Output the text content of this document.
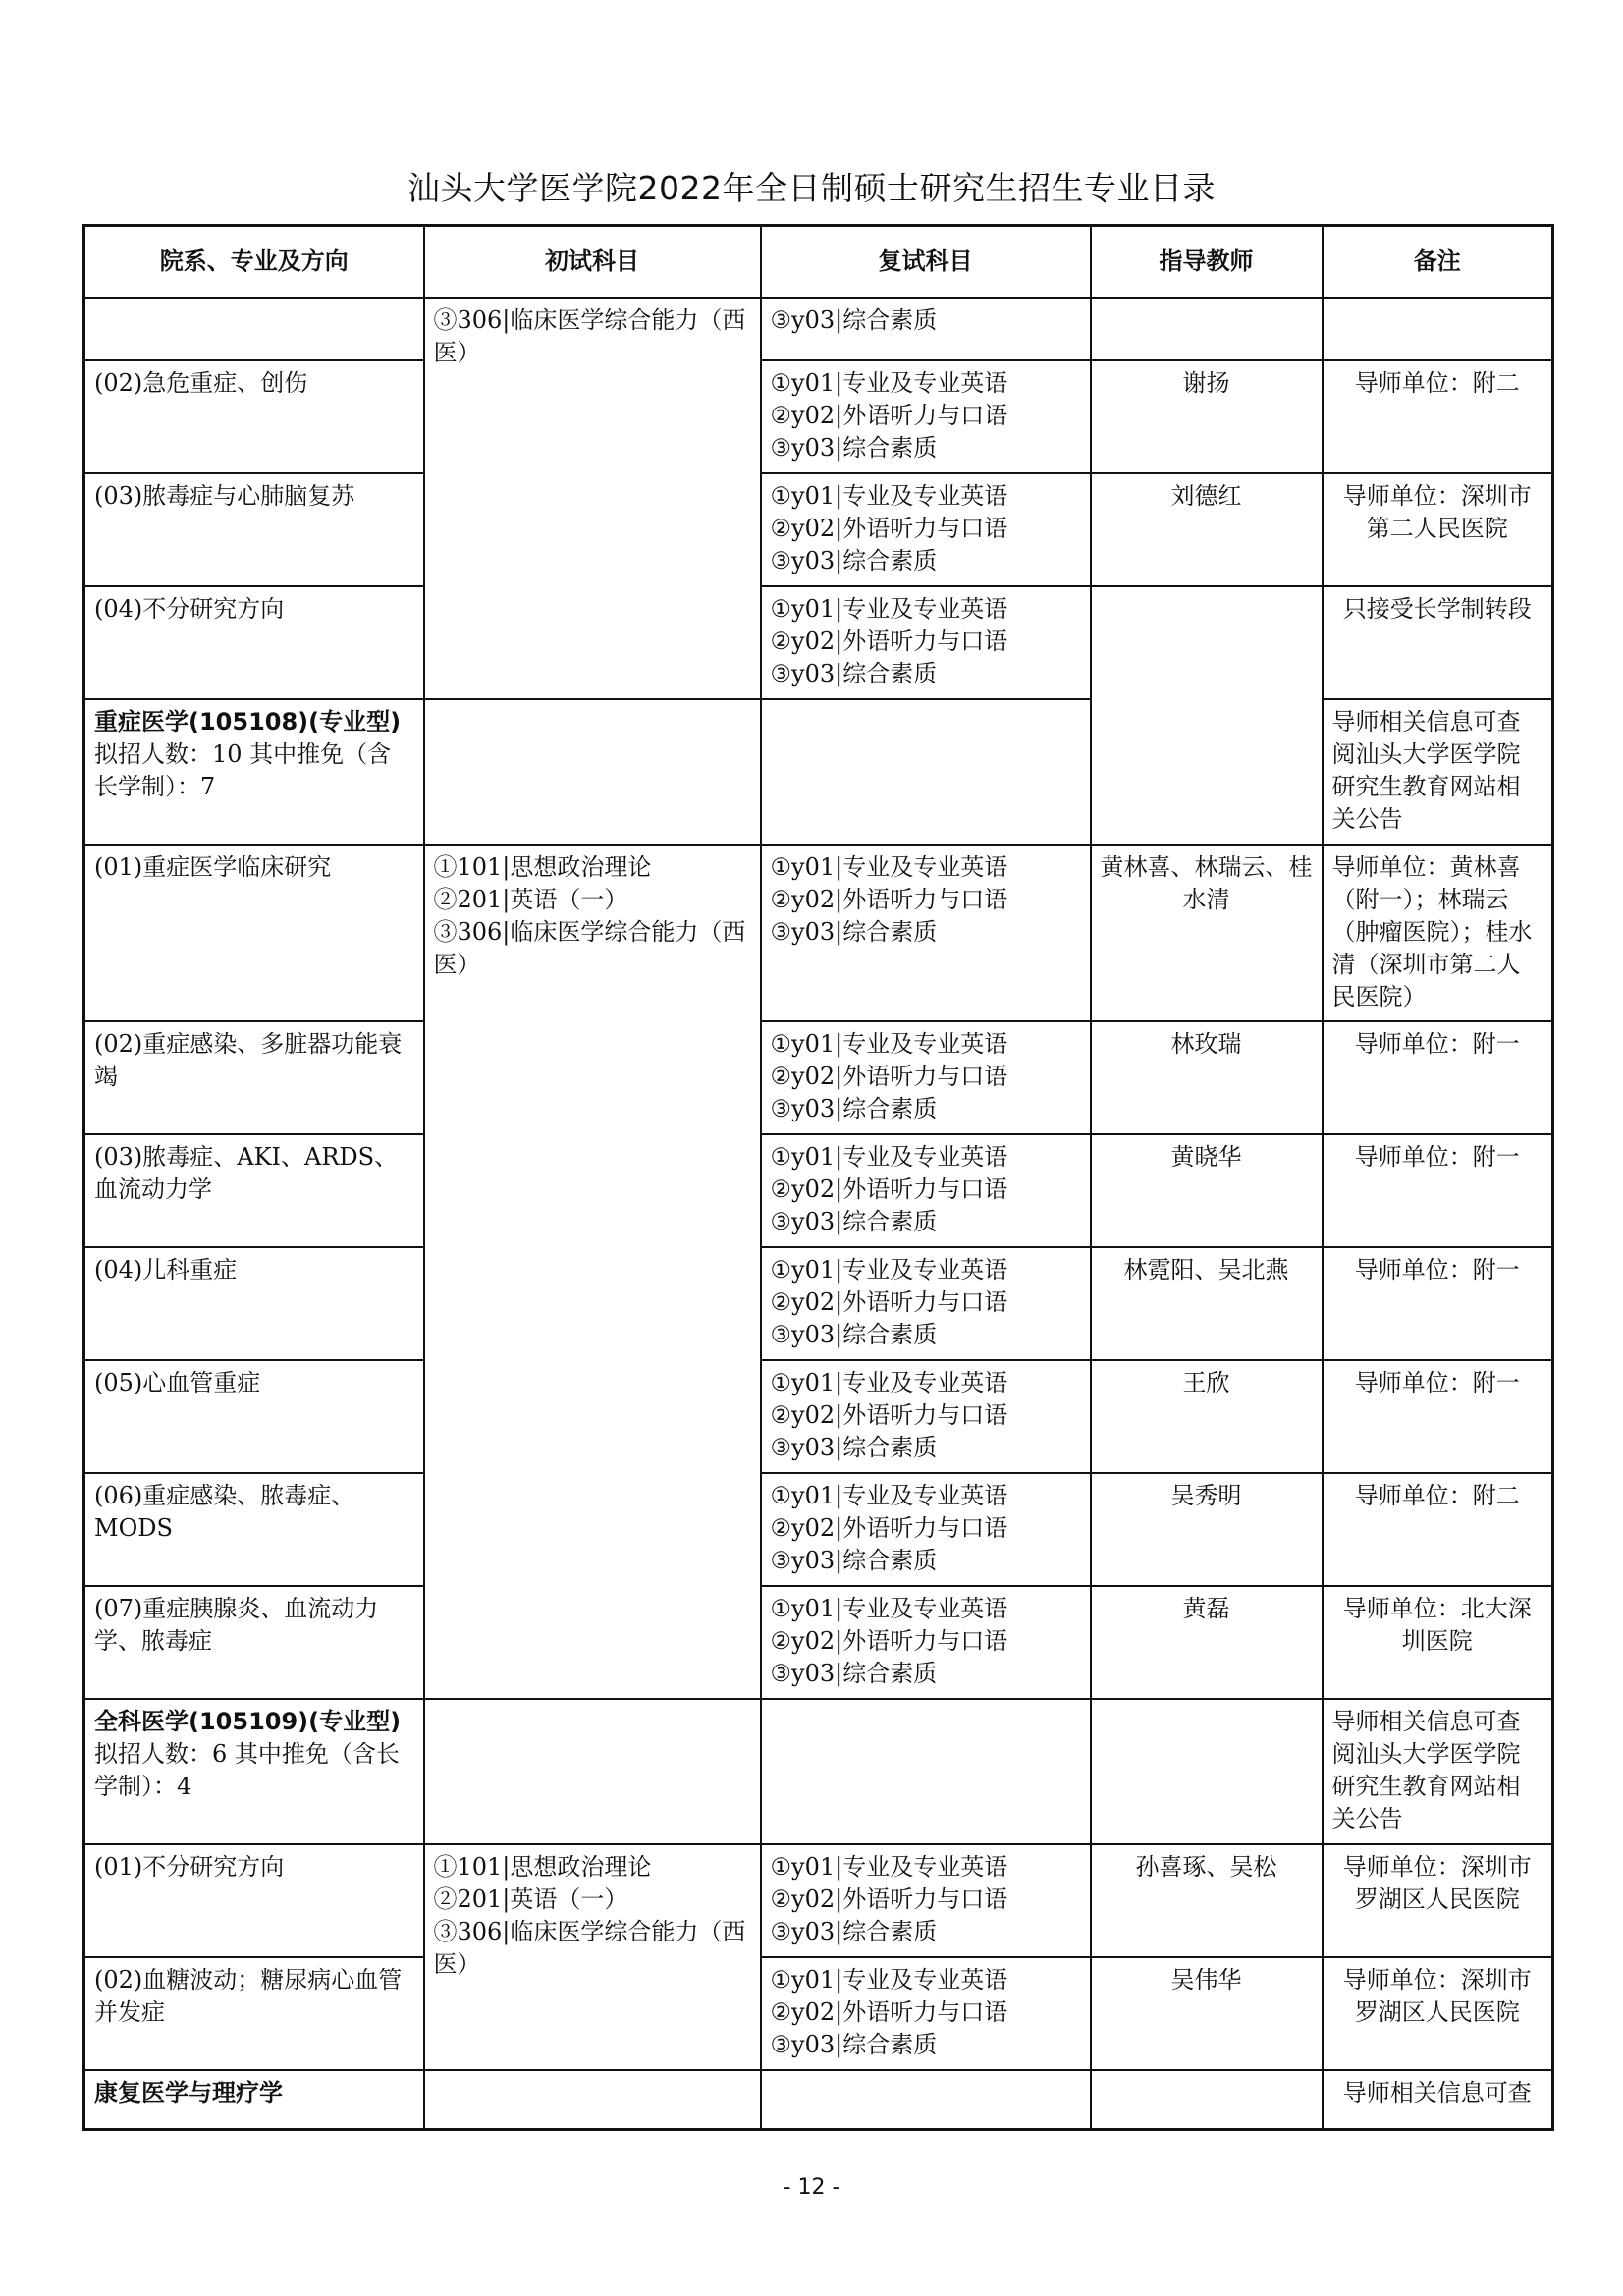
汕头大学医学院2022年全日制硕士研究生招生专业目录
院系、专业及方向	初试科目	复试科目	指导教师	备注

	③306|临床医学综合能力（西医）	③y03|综合素质		

(02)急危重症、创伤		①y01|专业及专业英语
②y02|外语听力与口语
③y03|综合素质	谢扬	导师单位：附二
(03)脓毒症与心肺脑复苏		①y01|专业及专业英语
②y02|外语听力与口语
③y03|综合素质	刘德红	导师单位：深圳市第二人民医院
(04)不分研究方向		①y01|专业及专业英语
②y02|外语听力与口语
③y03|综合素质		只接受长学制转段

重症医学(105108)(专业型)
拟招人数：10 其中推免（含长学制）：7				导师相关信息可查阅汕头大学医学院研究生教育网站相关公告
(01)重症医学临床研究	①101|思想政治理论
②201|英语（一）
③306|临床医学综合能力（西医）	①y01|专业及专业英语
②y02|外语听力与口语
③y03|综合素质	黄林喜、林瑞云、桂水清	导师单位：黄林喜（附一）；林瑞云（肿瘤医院）；桂水清（深圳市第二人民医院）
(02)重症感染、多脏器功能衰竭		①y01|专业及专业英语
②y02|外语听力与口语
③y03|综合素质	林玫瑞	导师单位：附一
(03)脓毒症、AKI、ARDS、血流动力学		①y01|专业及专业英语
②y02|外语听力与口语
③y03|综合素质	黄晓华	导师单位：附一
(04)儿科重症		①y01|专业及专业英语
②y02|外语听力与口语
③y03|综合素质	林霓阳、吴北燕	导师单位：附一
(05)心血管重症		①y01|专业及专业英语
②y02|外语听力与口语
③y03|综合素质	王欣	导师单位：附一
(06)重症感染、脓毒症、MODS		①y01|专业及专业英语
②y02|外语听力与口语
③y03|综合素质	吴秀明	导师单位：附二
(07)重症胰腺炎、血流动力学、脓毒症		①y01|专业及专业英语
②y02|外语听力与口语
③y03|综合素质	黄磊	导师单位：北大深圳医院

全科医学(105109)(专业型)
拟招人数：6 其中推免（含长学制）：4				导师相关信息可查阅汕头大学医学院研究生教育网站相关公告
(01)不分研究方向	①101|思想政治理论
②201|英语（一）
③306|临床医学综合能力（西医）	①y01|专业及专业英语
②y02|外语听力与口语
③y03|综合素质	孙喜琢、吴松	导师单位：深圳市罗湖区人民医院
(02)血糖波动；糖尿病心血管并发症		①y01|专业及专业英语
②y02|外语听力与口语
③y03|综合素质	吴伟华	导师单位：深圳市罗湖区人民医院

康复医学与理疗学				导师相关信息可查
- 12 -
